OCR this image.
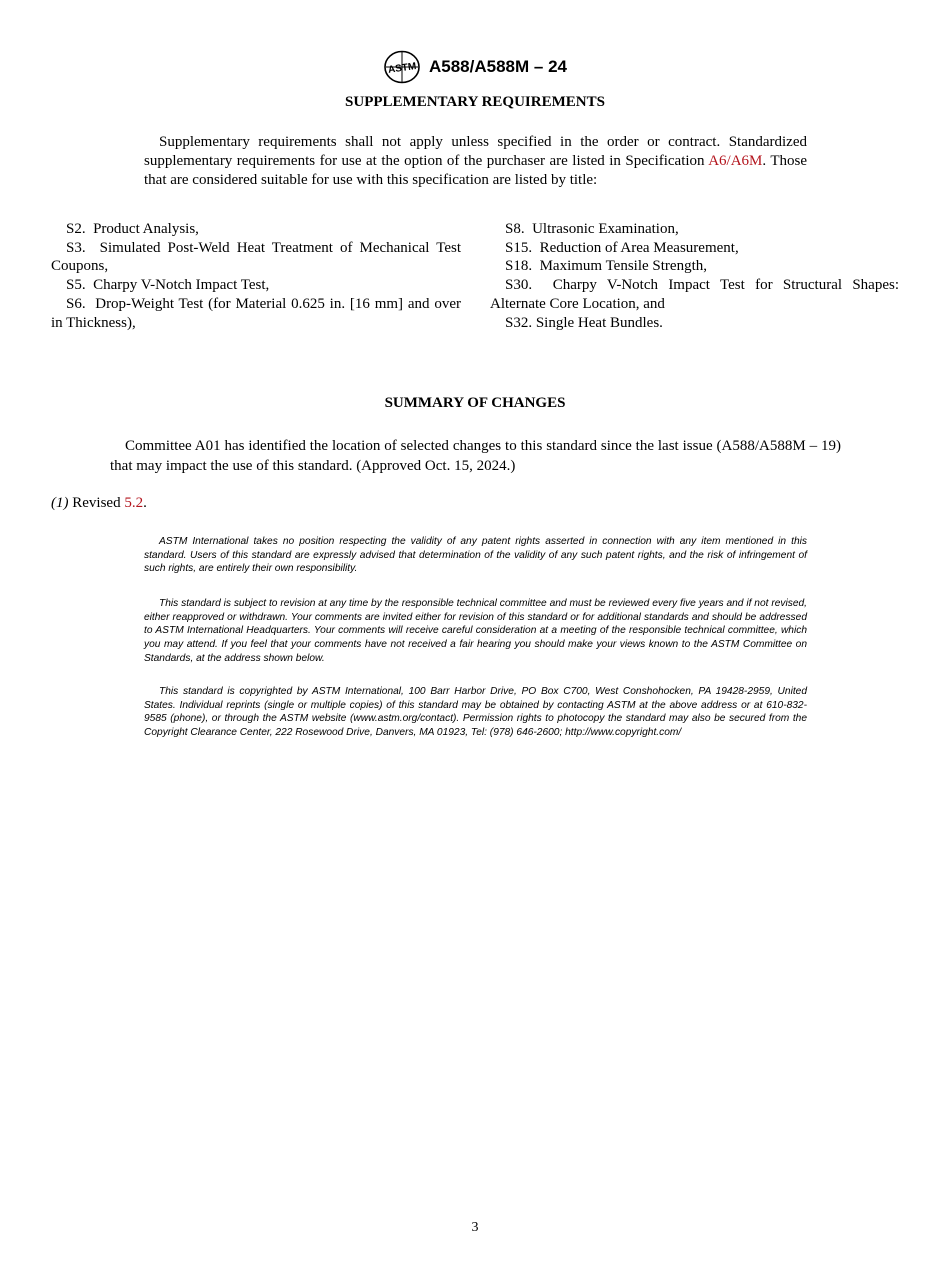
ASTM A588/A588M – 24
SUPPLEMENTARY REQUIREMENTS

Supplementary requirements shall not apply unless specified in the order or contract. Standardized supplementary requirements for use at the option of the purchaser are listed in Specification A6/A6M. Those that are considered suitable for use with this specification are listed by title:

S2.  Product Analysis,

S3.  Simulated Post-Weld Heat Treatment of Mechanical Test Coupons,

S5.  Charpy V-Notch Impact Test,

S6.  Drop-Weight Test (for Material 0.625 in. [16 mm] and over in Thickness),

S8.  Ultrasonic Examination,

S15.  Reduction of Area Measurement,

S18.  Maximum Tensile Strength,

S30.  Charpy V-Notch Impact Test for Structural Shapes: Alternate Core Location, and

S32. Single Heat Bundles.

SUMMARY OF CHANGES

Committee A01 has identified the location of selected changes to this standard since the last issue (A588/A588M – 19) that may impact the use of this standard. (Approved Oct. 15, 2024.)

(1) Revised 5.2.

ASTM International takes no position respecting the validity of any patent rights asserted in connection with any item mentioned in this standard. Users of this standard are expressly advised that determination of the validity of any such patent rights, and the risk of infringement of such rights, are entirely their own responsibility.

This standard is subject to revision at any time by the responsible technical committee and must be reviewed every five years and if not revised, either reapproved or withdrawn. Your comments are invited either for revision of this standard or for additional standards and should be addressed to ASTM International Headquarters. Your comments will receive careful consideration at a meeting of the responsible technical committee, which you may attend. If you feel that your comments have not received a fair hearing you should make your views known to the ASTM Committee on Standards, at the address shown below.

This standard is copyrighted by ASTM International, 100 Barr Harbor Drive, PO Box C700, West Conshohocken, PA 19428-2959, United States. Individual reprints (single or multiple copies) of this standard may be obtained by contacting ASTM at the above address or at 610-832-9585 (phone), or through the ASTM website (www.astm.org/contact). Permission rights to photocopy the standard may also be secured from the Copyright Clearance Center, 222 Rosewood Drive, Danvers, MA 01923, Tel: (978) 646-2600; http://www.copyright.com/

3
